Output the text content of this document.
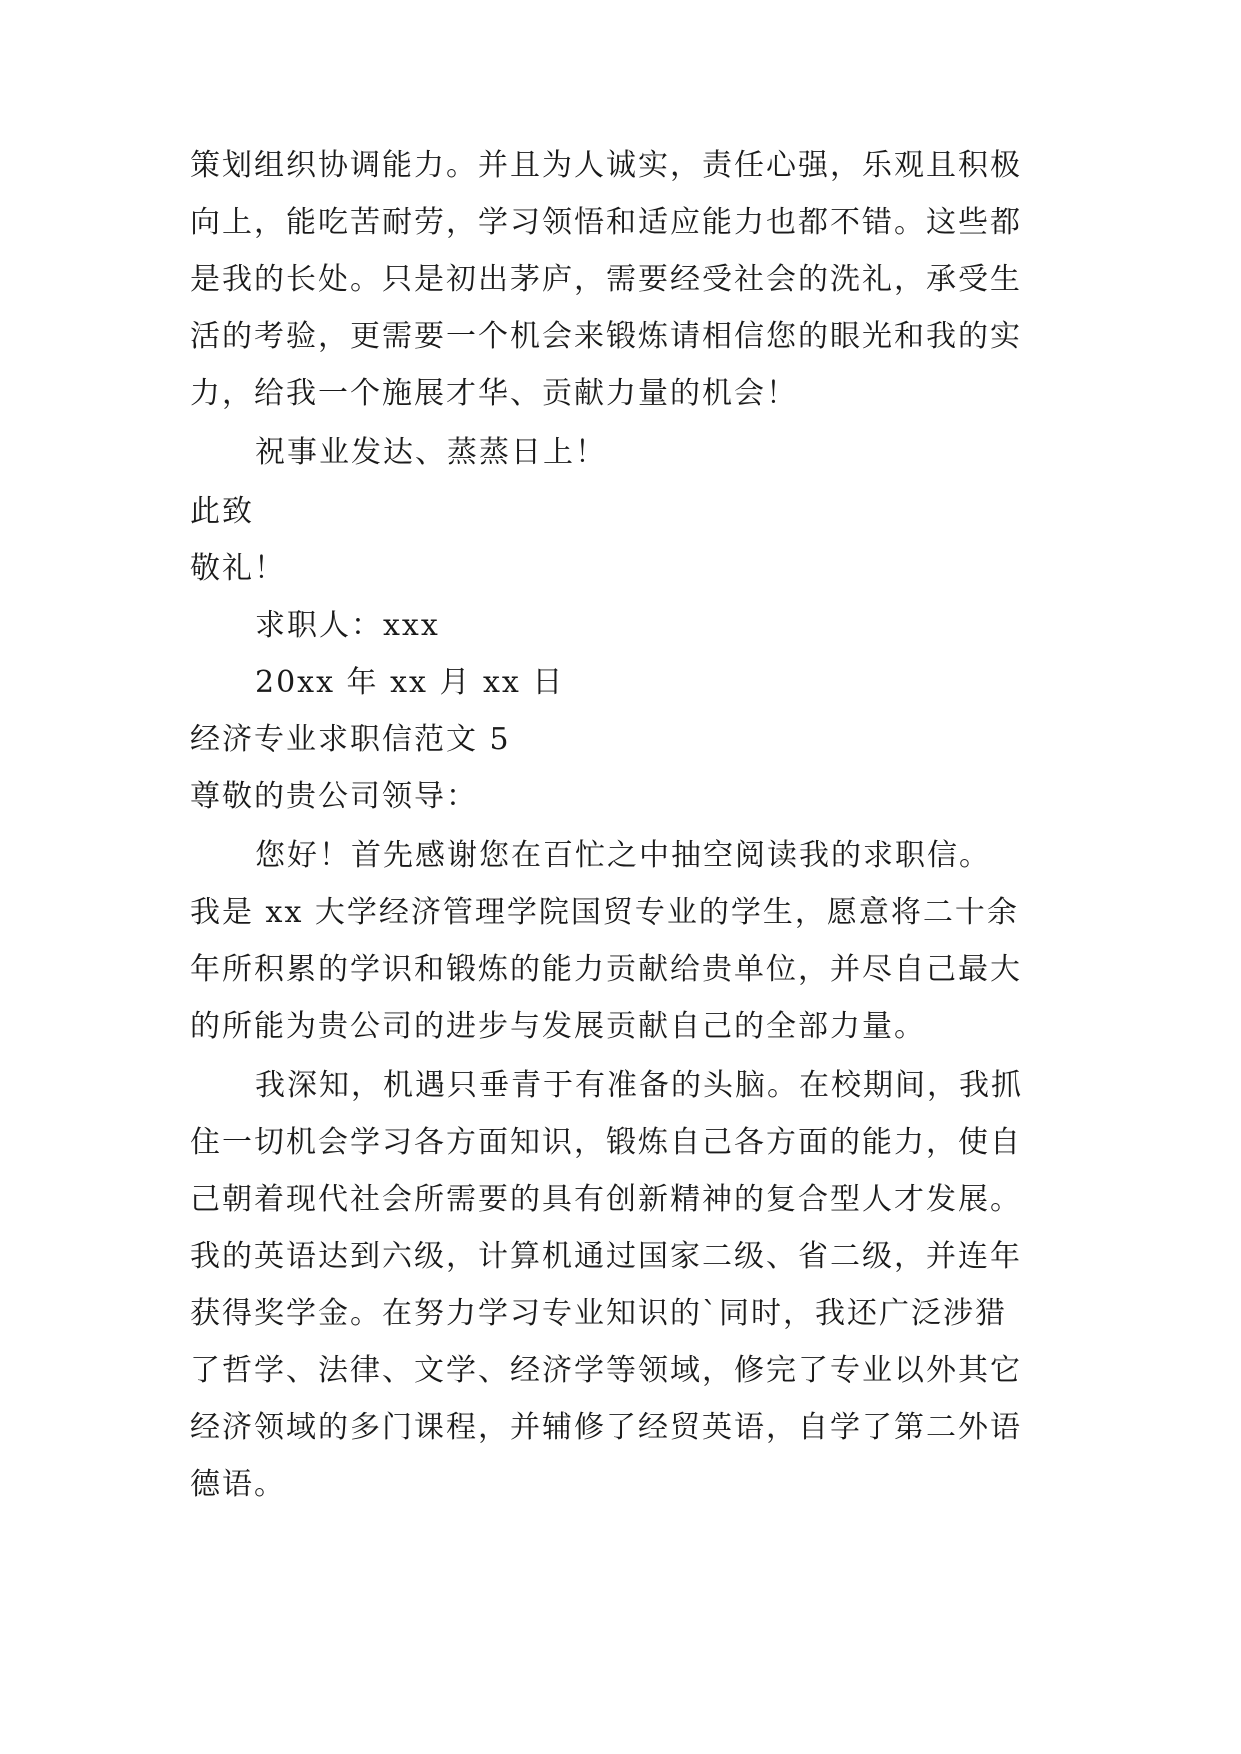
策划组织协调能力。并且为人诚实，责任心强，乐观且积极
向上，能吃苦耐劳，学习领悟和适应能力也都不错。这些都
是我的长处。只是初出茅庐，需要经受社会的洗礼，承受生
活的考验，更需要一个机会来锻炼请相信您的眼光和我的实
力，给我一个施展才华、贡献力量的机会！
祝事业发达、蒸蒸日上！
此致
敬礼！
求职人：xxx
20xx 年 xx 月 xx 日
经济专业求职信范文 5
尊敬的贵公司领导：
您好！首先感谢您在百忙之中抽空阅读我的求职信。
我是 xx 大学经济管理学院国贸专业的学生，愿意将二十余
年所积累的学识和锻炼的能力贡献给贵单位，并尽自己最大
的所能为贵公司的进步与发展贡献自己的全部力量。
我深知，机遇只垂青于有准备的头脑。在校期间，我抓
住一切机会学习各方面知识，锻炼自己各方面的能力，使自
己朝着现代社会所需要的具有创新精神的复合型人才发展。
我的英语达到六级，计算机通过国家二级、省二级，并连年
获得奖学金。在努力学习专业知识的`同时，我还广泛涉猎
了哲学、法律、文学、经济学等领域，修完了专业以外其它
经济领域的多门课程，并辅修了经贸英语，自学了第二外语
德语。
